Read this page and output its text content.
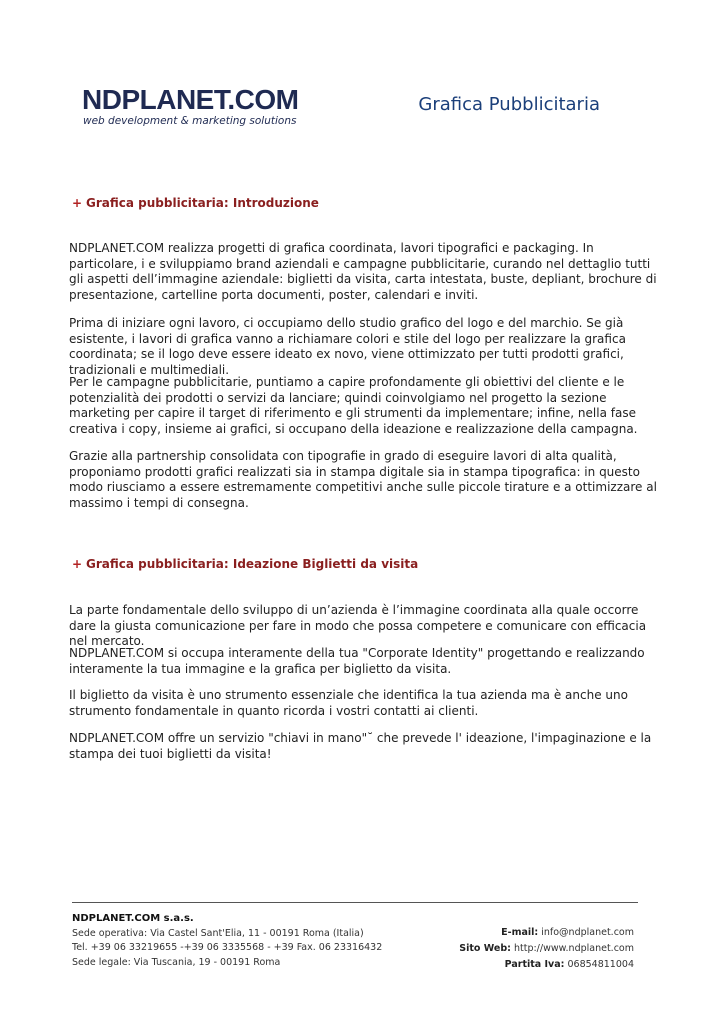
NDPLANET.COM
web development & marketing solutions
Grafica Pubblicitaria
+ Grafica pubblicitaria: Introduzione

NDPLANET.COM realizza progetti di grafica coordinata, lavori tipografici e packaging. In particolare, i e sviluppiamo brand aziendali e campagne pubblicitarie, curando nel dettaglio tutti gli aspetti dell’immagine aziendale: biglietti da visita, carta intestata, buste, depliant, brochure di presentazione, cartelline porta documenti, poster, calendari e inviti.

Prima di iniziare ogni lavoro, ci occupiamo dello studio grafico del logo e del marchio. Se già esistente, i lavori di grafica vanno a richiamare colori e stile del logo per realizzare la grafica coordinata; se il logo deve essere ideato ex novo, viene ottimizzato per tutti prodotti grafici, tradizionali e multimediali.

Per le campagne pubblicitarie, puntiamo a capire profondamente gli obiettivi del cliente e le potenzialità dei prodotti o servizi da lanciare; quindi coinvolgiamo nel progetto la sezione marketing per capire il target di riferimento e gli strumenti da implementare; infine, nella fase creativa i copy, insieme ai grafici, si occupano della ideazione e realizzazione della campagna.

Grazie alla partnership consolidata con tipografie in grado di eseguire lavori di alta qualità, proponiamo prodotti grafici realizzati sia in stampa digitale sia in stampa tipografica: in questo modo riusciamo a essere estremamente competitivi anche sulle piccole tirature e a ottimizzare al massimo i tempi di consegna.

+ Grafica pubblicitaria: Ideazione Biglietti da visita

La parte fondamentale dello sviluppo di un’azienda è l’immagine coordinata alla quale occorre dare la giusta comunicazione per fare in modo che possa competere e comunicare con efficacia nel mercato.

NDPLANET.COM si occupa interamente della tua "Corporate Identity" progettando e realizzando interamente la tua immagine e la grafica per biglietto da visita.

Il biglietto da visita è uno strumento essenziale che identifica la tua azienda ma è anche uno strumento fondamentale in quanto ricorda i vostri contatti ai clienti.

NDPLANET.COM offre un servizio "chiavi in mano"˘ che prevede l' ideazione, l'impaginazione e la stampa dei tuoi biglietti da visita!

NDPLANET.COM s.a.s.
Sede operativa: Via Castel Sant'Elia, 11 - 00191 Roma (Italia)
Tel. +39 06 33219655 -+39 06 3335568 - +39 Fax. 06 23316432
Sede legale: Via Tuscania, 19 - 00191 Roma
E-mail: info@ndplanet.com
Sito Web: http://www.ndplanet.com
Partita Iva: 06854811004
